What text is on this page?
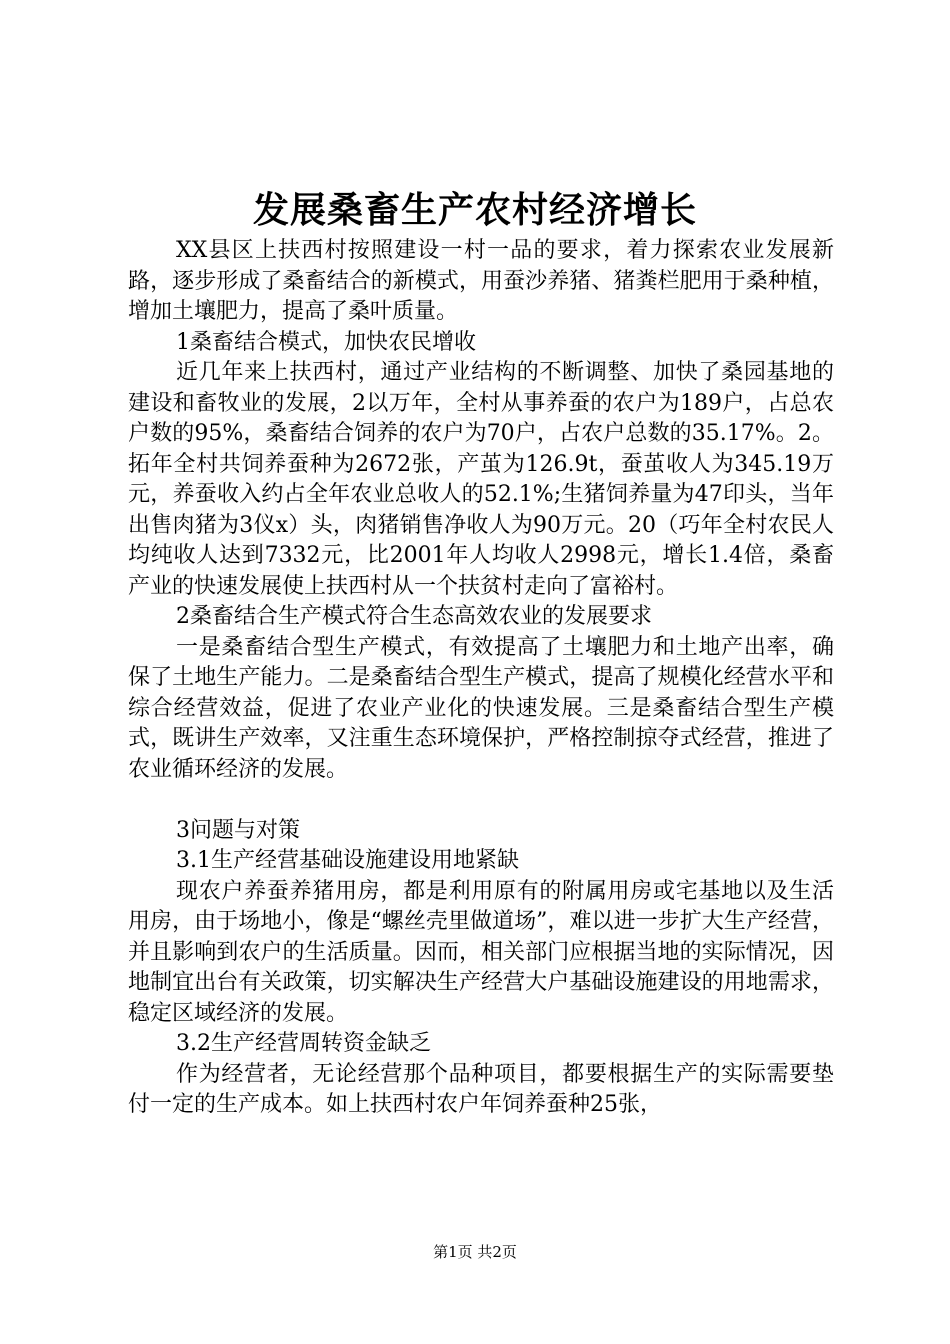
发展桑畜生产农村经济增长

XX县区上扶西村按照建设一村一品的要求，着力探索农业发展新路，逐步形成了桑畜结合的新模式，用蚕沙养猪、猪粪栏肥用于桑种植，增加土壤肥力，提高了桑叶质量。

1桑畜结合模式，加快农民增收

近几年来上扶西村，通过产业结构的不断调整、加快了桑园基地的建设和畜牧业的发展，2以万年，全村从事养蚕的农户为189户，占总农户数的95%，桑畜结合饲养的农户为70户，占农户总数的35.17%。2。拓年全村共饲养蚕种为2672张，产茧为126.9t，蚕茧收人为345.19万元，养蚕收入约占全年农业总收人的52.1%;生猪饲养量为47印头，当年出售肉猪为3仪x）头，肉猪销售净收人为90万元。20（巧年全村农民人均纯收人达到7332元，比2001年人均收人2998元，增长1.4倍，桑畜产业的快速发展使上扶西村从一个扶贫村走向了富裕村。

2桑畜结合生产模式符合生态高效农业的发展要求

一是桑畜结合型生产模式，有效提高了土壤肥力和土地产出率，确保了土地生产能力。二是桑畜结合型生产模式，提高了规模化经营水平和综合经营效益，促进了农业产业化的快速发展。三是桑畜结合型生产模式，既讲生产效率，又注重生态环境保护，严格控制掠夺式经营，推进了农业循环经济的发展。

3问题与对策

3.1生产经营基础设施建设用地紧缺

现农户养蚕养猪用房，都是利用原有的附属用房或宅基地以及生活用房，由于场地小，像是“螺丝壳里做道场”，难以进一步扩大生产经营，并且影响到农户的生活质量。因而，相关部门应根据当地的实际情况，因地制宜出台有关政策，切实解决生产经营大户基础设施建设的用地需求，稳定区域经济的发展。

3.2生产经营周转资金缺乏

作为经营者，无论经营那个品种项目，都要根据生产的实际需要垫付一定的生产成本。如上扶西村农户年饲养蚕种25张，

第1页 共2页
